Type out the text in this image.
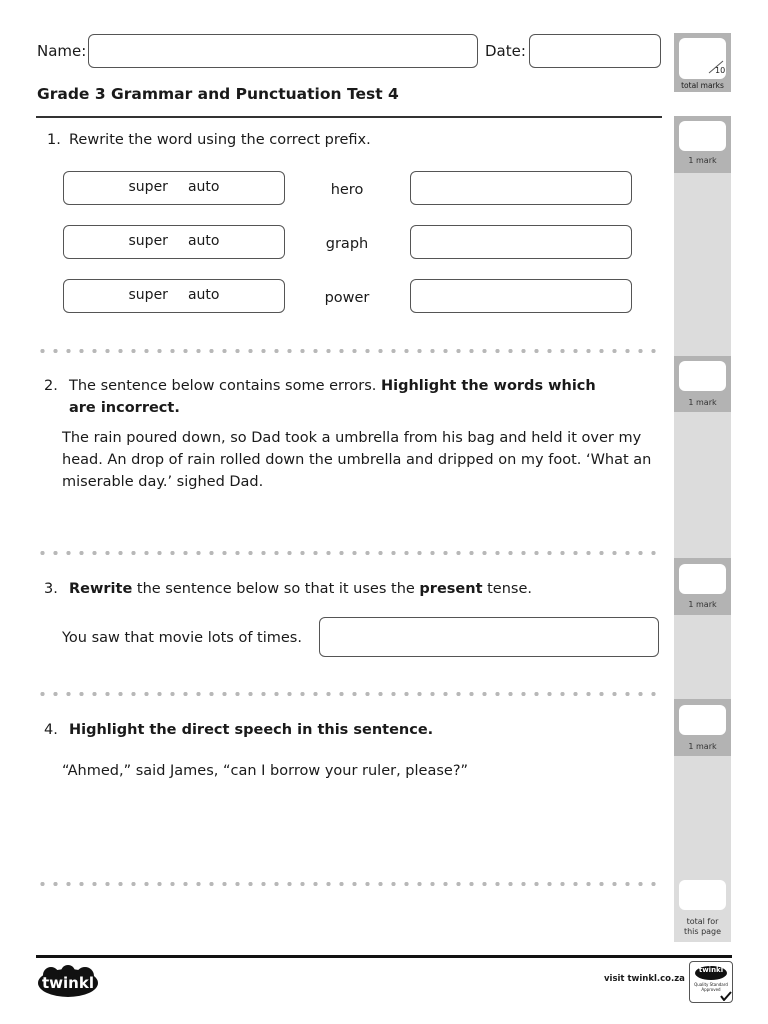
Name:	Date:
Grade 3 Grammar and Punctuation Test 4
10
total marks
1 mark
1. Rewrite the word using the correct prefix.
super auto	hero
super auto	graph
super auto	power
1 mark
2. The sentence below contains some errors. Highlight the words which are incorrect.
The rain poured down, so Dad took a umbrella from his bag and held it over my head. An drop of rain rolled down the umbrella and dripped on my foot. ‘What an miserable day.’ sighed Dad.
1 mark
3. Rewrite the sentence below so that it uses the present tense.
You saw that movie lots of times.
1 mark
4. Highlight the direct speech in this sentence.
“Ahmed,” said James, “can I borrow your ruler, please?”
total for
this page
twinkl	visit twinkl.co.za
twinkl
Quality Standard
Approved
